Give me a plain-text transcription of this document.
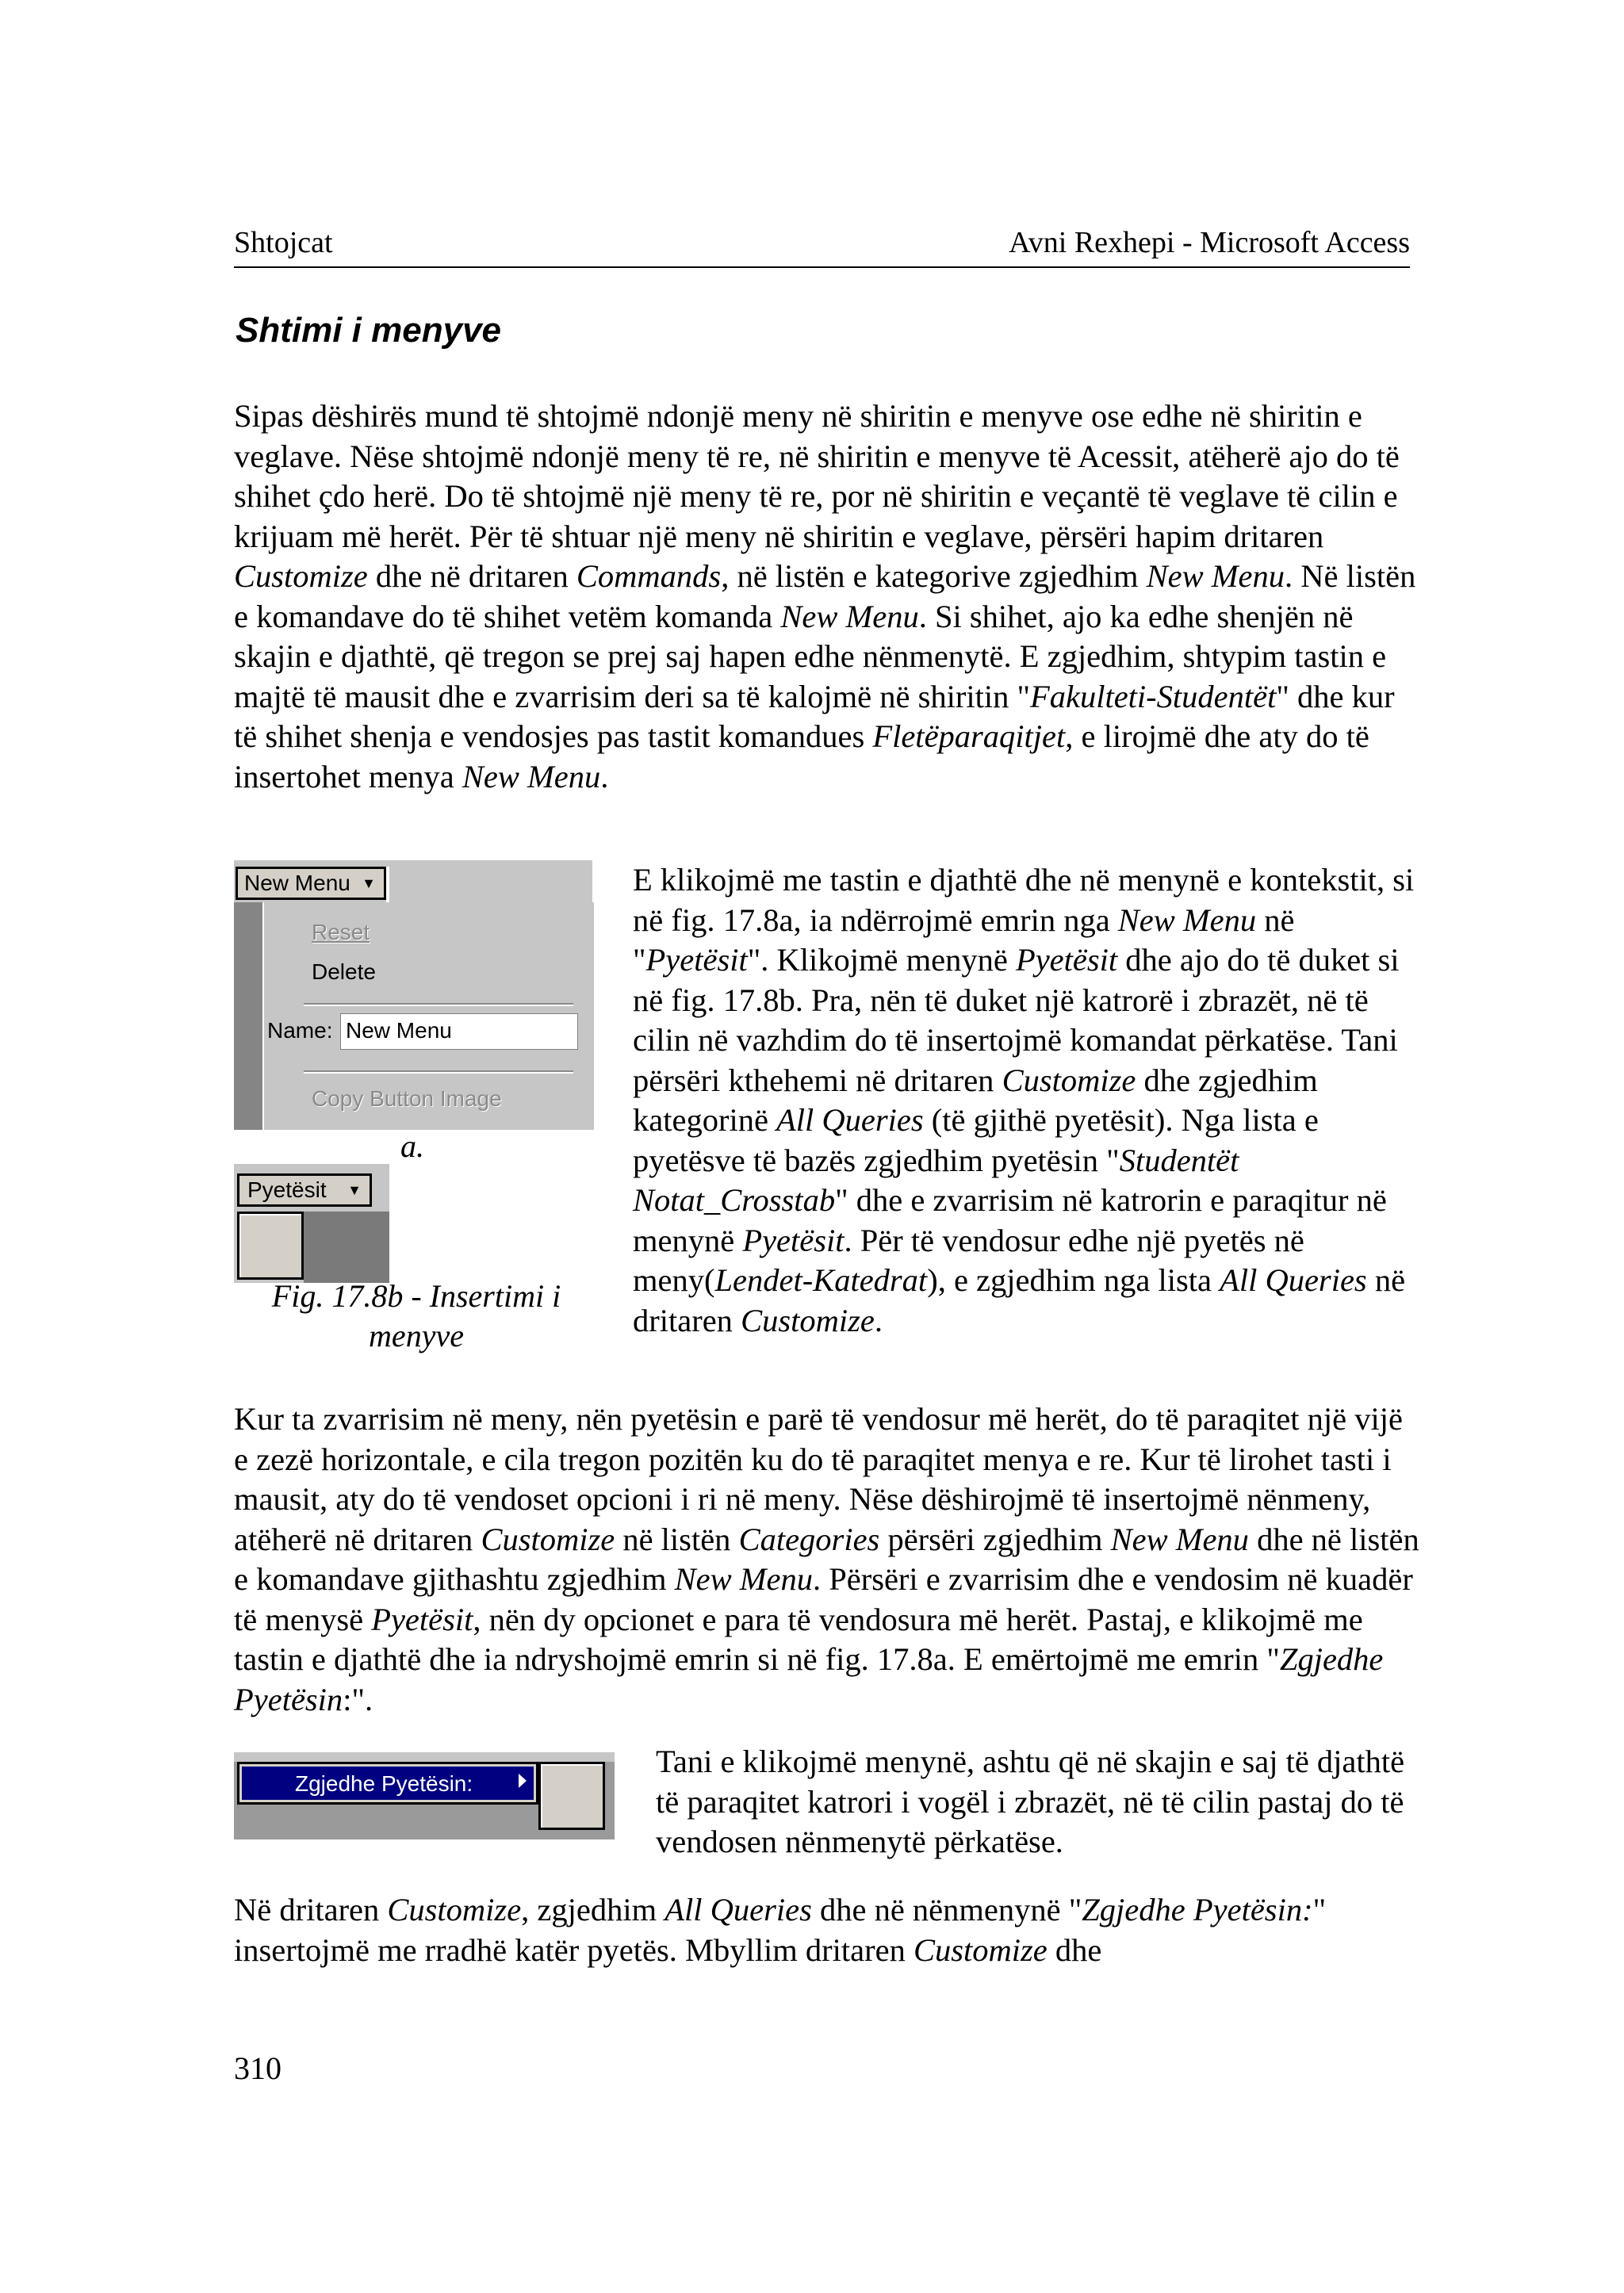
Shtojcat	Avni Rexhepi - Microsoft Access
Shtimi i menyve

Sipas dëshirës mund të shtojmë ndonjë meny në shiritin e menyve ose edhe në shiritin e veglave. Nëse shtojmë ndonjë meny të re, në shiritin e menyve të Acessit, atëherë ajo do të shihet çdo herë. Do të shtojmë një meny të re, por në shiritin e veçantë të veglave të cilin e krijuam më herët. Për të shtuar një meny në shiritin e veglave, përsëri hapim dritaren Customize dhe në dritaren Commands, në listën e kategorive zgjedhim New Menu. Në listën e komandave do të shihet vetëm komanda New Menu. Si shihet, ajo ka edhe shenjën në skajin e djathtë, që tregon se prej saj hapen edhe nënmenytë. E zgjedhim, shtypim tastin e majtë të mausit dhe e zvarrisim deri sa të kalojmë në shiritin "Fakulteti-Studentët" dhe kur të shihet shenja e vendosjes pas tastit komandues Fletëparaqitjet, e lirojmë dhe aty do të insertohet menya New Menu.

New Menu ▼
Reset
Delete
Name: New Menu
Copy Button Image
a.
Pyetësit ▼

Fig. 17.8b - Insertimi i menyve

E klikojmë me tastin e djathtë dhe në menynë e kontekstit, si në fig. 17.8a, ia ndërrojmë emrin nga New Menu në "Pyetësit". Klikojmë menynë Pyetësit dhe ajo do të duket si në fig. 17.8b. Pra, nën të duket një katrorë i zbrazët, në të cilin në vazhdim do të insertojmë komandat përkatëse. Tani përsëri kthehemi në dritaren Customize dhe zgjedhim kategorinë All Queries (të gjithë pyetësit). Nga lista e pyetësve të bazës zgjedhim pyetësin "Studentët Notat_Crosstab" dhe e zvarrisim në katrorin e paraqitur në menynë Pyetësit. Për të vendosur edhe një pyetës në meny(Lendet-Katedrat), e zgjedhim nga lista All Queries në dritaren Customize.

Kur ta zvarrisim në meny, nën pyetësin e parë të vendosur më herët, do të paraqitet një vijë e zezë horizontale, e cila tregon pozitën ku do të paraqitet menya e re. Kur të lirohet tasti i mausit, aty do të vendoset opcioni i ri në meny. Nëse dëshirojmë të insertojmë nënmeny, atëherë në dritaren Customize në listën Categories përsëri zgjedhim New Menu dhe në listën e komandave gjithashtu zgjedhim New Menu. Përsëri e zvarrisim dhe e vendosim në kuadër të menysë Pyetësit, nën dy opcionet e para të vendosura më herët. Pastaj, e klikojmë me tastin e djathtë dhe ia ndryshojmë emrin si në fig. 17.8a. E emërtojmë me emrin "Zgjedhe Pyetësin:".

Zgjedhe Pyetësin:

Tani e klikojmë menynë, ashtu që në skajin e saj të djathtë të paraqitet katrori i vogël i zbrazët, në të cilin pastaj do të vendosen nënmenytë përkatëse.

Në dritaren Customize, zgjedhim All Queries dhe në nënmenynë "Zgjedhe Pyetësin:" insertojmë me rradhë katër pyetës. Mbyllim dritaren Customize dhe

310
